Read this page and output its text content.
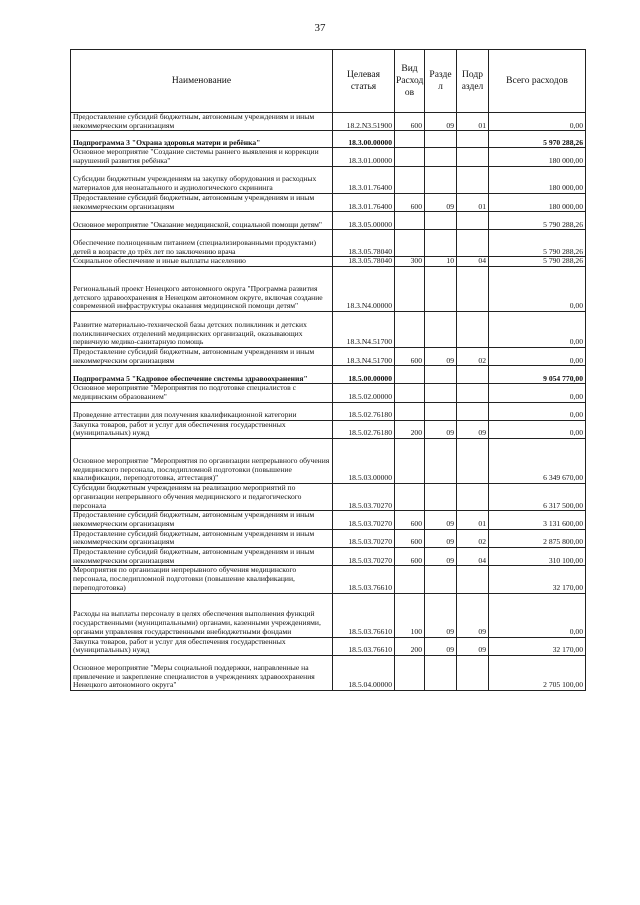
37
Наименование	Целевая статья	Вид Расход ов	Разде л	Подр аздел	Всего расходов
Предоставление субсидий бюджетным, автономным учреждениям и иным некоммерческим организациям	18.2.N3.51900	600	09	01	0,00
Подпрограмма 3 "Охрана здоровья матери и ребёнка"	18.3.00.00000				5 970 288,26
Основное мероприятие "Создание системы раннего выявления и коррекции нарушений развития ребёнка"	18.3.01.00000				180 000,00
Субсидии бюджетным учреждениям на закупку оборудования и расходных материалов для неонатального и аудиологического скрининга	18.3.01.76400				180 000,00
Предоставление субсидий бюджетным, автономным учреждениям и иным некоммерческим организациям	18.3.01.76400	600	09	01	180 000,00
Основное мероприятие "Оказание медицинской, социальной помощи детям"	18.3.05.00000				5 790 288,26
Обеспечение полноценным питанием (специализированными продуктами) детей в возрасте до трёх лет по заключению врача	18.3.05.78040				5 790 288,26
Социальное обеспечение и иные выплаты населению	18.3.05.78040	300	10	04	5 790 288,26
Региональный проект Ненецкого автономного округа "Программа развития детского здравоохранения в Ненецком автономном округе, включая создание современной инфраструктуры оказания медицинской помощи детям"	18.3.N4.00000				0,00
Развитие материально-технической базы детских поликлиник и детских поликлинических отделений медицинских организаций, оказывающих первичную медико-санитарную помощь	18.3.N4.51700				0,00
Предоставление субсидий бюджетным, автономным учреждениям и иным некоммерческим организациям	18.3.N4.51700	600	09	02	0,00
Подпрограмма 5 "Кадровое обеспечение системы здравоохранения"	18.5.00.00000				9 054 770,00
Основное мероприятие "Мероприятия по подготовке специалистов с медицинским образованием"	18.5.02.00000				0,00
Проведение аттестации для получения квалификационной категории	18.5.02.76180				0,00
Закупка товаров, работ и услуг для обеспечения государственных (муниципальных) нужд	18.5.02.76180	200	09	09	0,00
Основное мероприятие "Мероприятия по организации непрерывного обучения медицинского персонала, последипломной подготовки (повышение квалификации, переподготовка, аттестация)"	18.5.03.00000				6 349 670,00
Субсидии бюджетным учреждениям на реализацию мероприятий по организации непрерывного обучения медицинского и педагогического персонала	18.5.03.70270				6 317 500,00
Предоставление субсидий бюджетным, автономным учреждениям и иным некоммерческим организациям	18.5.03.70270	600	09	01	3 131 600,00
Предоставление субсидий бюджетным, автономным учреждениям и иным некоммерческим организациям	18.5.03.70270	600	09	02	2 875 800,00
Предоставление субсидий бюджетным, автономным учреждениям и иным некоммерческим организациям	18.5.03.70270	600	09	04	310 100,00
Мероприятия по организации непрерывного обучения медицинского персонала, последипломной подготовки (повышение квалификации, переподготовка)	18.5.03.76610				32 170,00
Расходы на выплаты персоналу в целях обеспечения выполнения функций государственными (муниципальными) органами, казенными учреждениями, органами управления государственными внебюджетными фондами	18.5.03.76610	100	09	09	0,00
Закупка товаров, работ и услуг для обеспечения государственных (муниципальных) нужд	18.5.03.76610	200	09	09	32 170,00
Основное мероприятие "Меры социальной поддержки, направленные на привлечение и закрепление специалистов в учреждениях здравоохранения Ненецкого автономного округа"	18.5.04.00000				2 705 100,00
